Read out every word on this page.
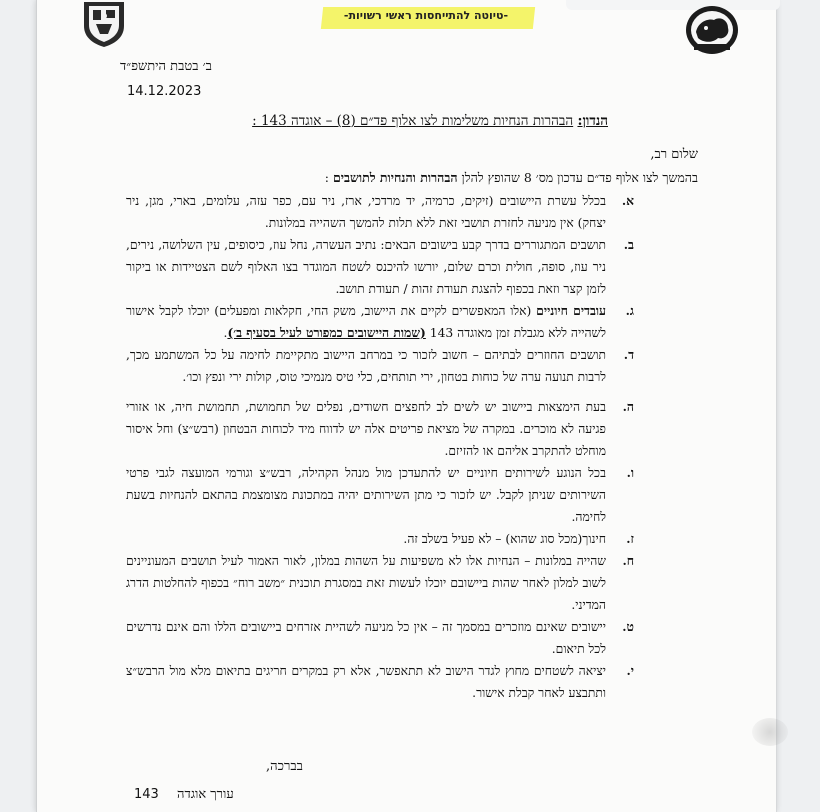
-טיוטה להתייחסות ראשי רשויות-
ב׳ בטבת היתשפ״ד
14.12.2023
הנדון: הבהרות הנחיות משלימות לצו אלוף פד״ם (8) – אוגדה 143 :
שלום רב,
בהמשך לצו אלוף פד״ם עדכון מס׳ 8 שהופץ להלן הבהרות והנחיות לתושבים :
א.
בכלל עשרת היישובים (זיקים, כרמיה, יד מרדכי, ארז, ניר עם, כפר עזה, עלומים, בארי, מגן, ניר יצחק) אין מניעה לחזרת תושבי זאת ללא תלות להמשך השהייה במלונות.
ב.
תושבים המתגוררים בדרך קבע בישובים הבאים: נתיב העשרה, נחל עוז, כיסופים, עין השלושה, נירים, ניר עוז, סופה, חולית וכרם שלום, יורשו להיכנס לשטח המוגדר בצו האלוף לשם הצטיידות או ביקור לזמן קצר וזאת בכפוף להצגת תעודת זהות / תעודת תושב.
ג.
עובדים חיוניים (אלו המאפשרים לקיים את היישוב, משק החי, חקלאות ומפעלים) יוכלו לקבל אישור לשהייה ללא מגבלת זמן מאוגדה 143 (שמות היישובים כמפורט לעיל בסעיף ב׳).
ד.
תושבים החוזרים לבתיהם – חשוב לזכור כי במרחב היישוב מתקיימת לחימה על כל המשתמע מכך, לרבות תנועה ערה של כוחות בטחון, ירי תותחים, כלי טיס מנמיכי טוס, קולות ירי ונפץ וכו׳.
ה.
בעת הימצאות ביישוב יש לשים לב לחפצים חשודים, נפלים של תחמושת, תחמושת חיה, או אזורי פגיעה לא מוכרים. במקרה של מציאת פריטים אלה יש לדווח מיד לכוחות הבטחון (רבש״צ) וחל איסור מוחלט להתקרב אליהם או להזיזם.
ו.
בכל הנוגע לשירותים חיוניים יש להתעדכן מול מנהל הקהילה, רבש״צ וגורמי המועצה לגבי פרטי השירותים שניתן לקבל. יש לזכור כי מתן השירותים יהיה במתכונת מצומצמת בהתאם להנחיות בשעת לחימה.
ז.
חינוך(מכל סוג שהוא) – לא פעיל בשלב זה.
ח.
שהייה במלונות – הנחיות אלו לא משפיעות על השהות במלון, לאור האמור לעיל תושבים המעוניינים לשוב למלון לאחר שהות ביישובם יוכלו לעשות זאת במסגרת תוכנית ״משב רוח״ בכפוף להחלטות הדרג המדיני.
ט.
יישובים שאינם מוזכרים במסמך זה – אין כל מניעה לשהיית אזרחים ביישובים הללו והם אינם נדרשים לכל תיאום.
י.
יציאה לשטחים מחוץ לגדר הישוב לא תתאפשר, אלא רק במקרים חריגים בתיאום מלא מול הרבש״צ ותתבצע לאחר קבלת אישור.
בברכה,
עורך אוגדה 143
